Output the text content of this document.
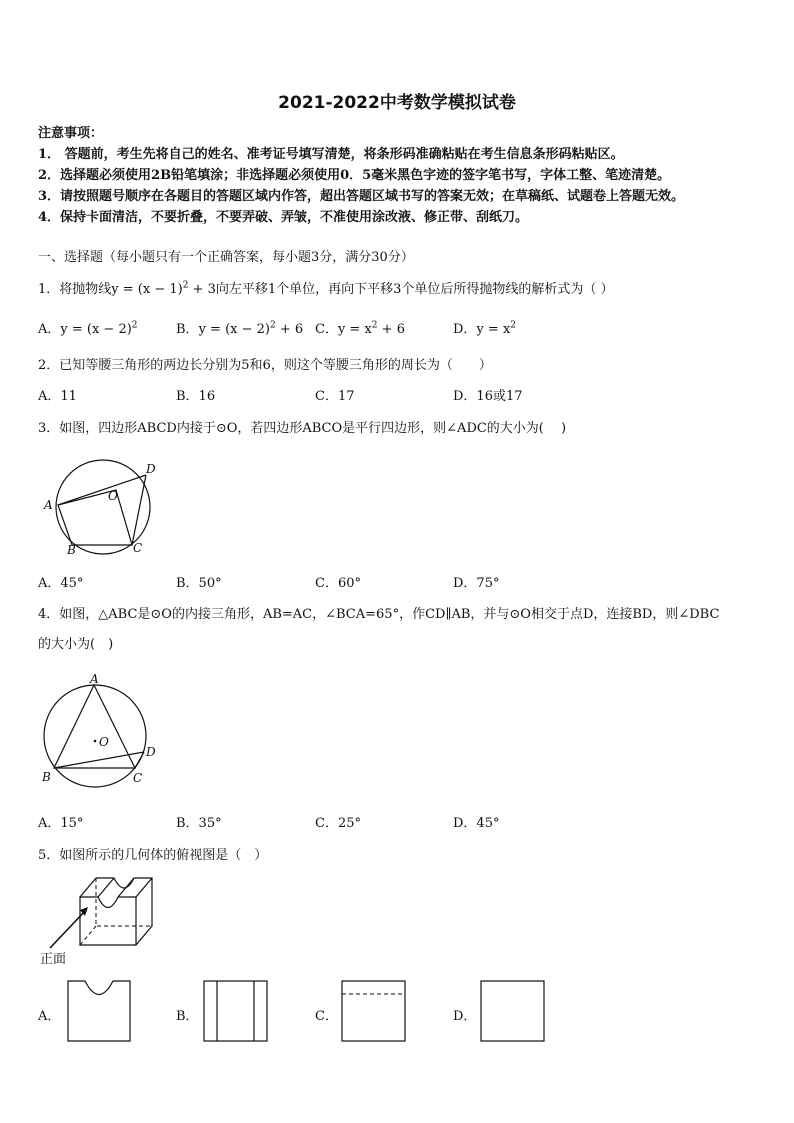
2021-2022中考数学模拟试卷
注意事项：
1． 答题前，考生先将自己的姓名、准考证号填写清楚，将条形码准确粘贴在考生信息条形码粘贴区。
2．选择题必须使用2B铅笔填涂；非选择题必须使用0．5毫米黑色字迹的签字笔书写，字体工整、笔迹清楚。
3．请按照题号顺序在各题目的答题区域内作答，超出答题区域书写的答案无效；在草稿纸、试题卷上答题无效。
4．保持卡面清洁，不要折叠，不要弄破、弄皱，不准使用涂改液、修正带、刮纸刀。
一、选择题（每小题只有一个正确答案，每小题3分，满分30分）
1．将抛物线$y = (x - 1)^2 + 3$向左平移1个单位，再向下平移3个单位后所得抛物线的解析式为（ ）
A．$y = (x - 2)^2$	B．$y = (x - 2)^2 + 6$ C．$y = x^2 + 6$	D．$y = x^2$
2．已知等腰三角形的两边长分别为5和6，则这个等腰三角形的周长为（　　）
A．11	B．16	C．17	D．16或17
3．如图，四边形ABCD内接于⊙O，若四边形ABCO是平行四边形，则∠ADC的大小为(　 )
A
B	C
D
O
A．45°	B．50°	C．60°	D．75°
4．如图，△ABC是⊙O的内接三角形，AB=AC，∠BCA=65°，作CD∥AB，并与⊙O相交于点D，连接BD，则∠DBC
的大小为(　)
A
B	C
D
O
A．15°	B．35°	C．25°	D．45°
5．如图所示的几何体的俯视图是（　）
正面
A．	B．	C．	D．
